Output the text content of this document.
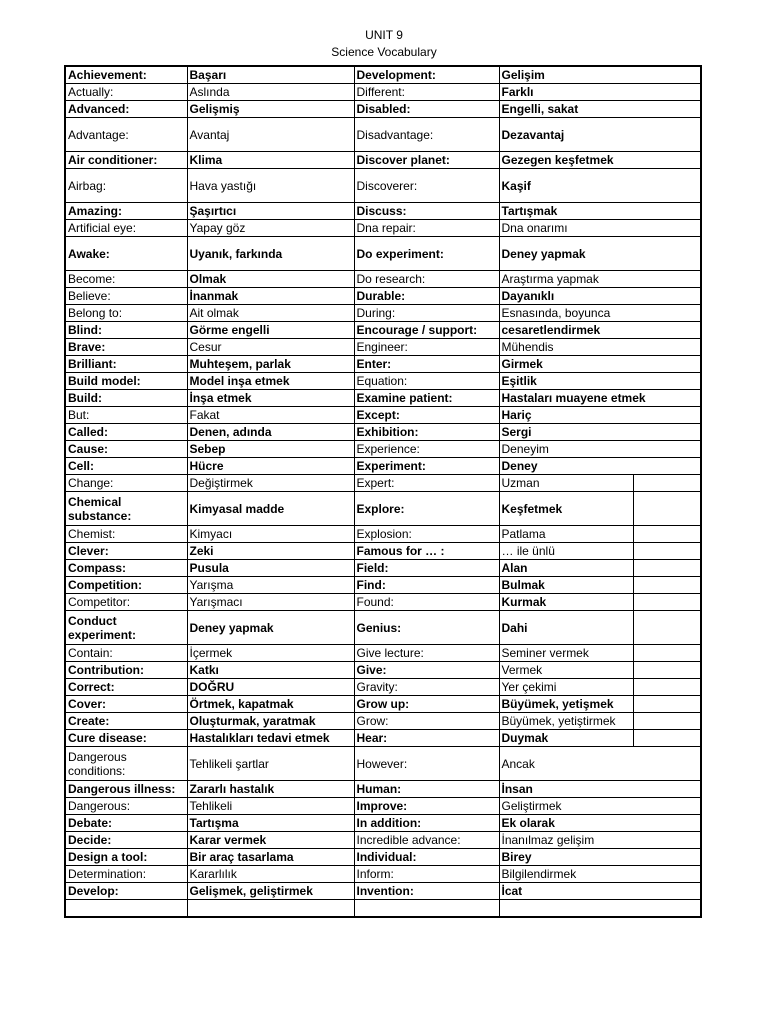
UNIT 9
Science Vocabulary
Achievement:	Başarı	Development:	Gelişim	
Actually:	Aslında	Different:	Farklı	
Advanced:	Gelişmiş	Disabled:	Engelli, sakat	
Advantage:	Avantaj	Disadvantage:	Dezavantaj	
Air conditioner:	Klima	Discover planet:	Gezegen keşfetmek	
Airbag:	Hava yastığı	Discoverer:	Kaşif	
Amazing:	Şaşırtıcı	Discuss:	Tartışmak	
Artificial eye:	Yapay göz	Dna repair:	Dna onarımı	
Awake:	Uyanık, farkında	Do experiment:	Deney yapmak	
Become:	Olmak	Do research:	Araştırma yapmak	
Believe:	İnanmak	Durable:	Dayanıklı	
Belong to:	Ait olmak	During:	Esnasında, boyunca	
Blind:	Görme engelli	Encourage / support:	cesaretlendirmek	
Brave:	Cesur	Engineer:	Mühendis	
Brilliant:	Muhteşem, parlak	Enter:	Girmek	
Build model:	Model inşa etmek	Equation:	Eşitlik	
Build:	İnşa etmek	Examine patient:	Hastaları muayene etmek	
But:	Fakat	Except:	Hariç	
Called:	Denen, adında	Exhibition:	Sergi	
Cause:	Sebep	Experience:	Deneyim	
Cell:	Hücre	Experiment:	Deney	
Change:	Değiştirmek	Expert:	Uzman	
Chemical substance:	Kimyasal madde	Explore:	Keşfetmek	
Chemist:	Kimyacı	Explosion:	Patlama	
Clever:	Zeki	Famous for … :	… ile ünlü	
Compass:	Pusula	Field:	Alan	
Competition:	Yarışma	Find:	Bulmak	
Competitor:	Yarışmacı	Found:	Kurmak	
Conduct experiment:	Deney yapmak	Genius:	Dahi	
Contain:	İçermek	Give lecture:	Seminer vermek	
Contribution:	Katkı	Give:	Vermek	
Correct:	DOĞRU	Gravity:	Yer çekimi	
Cover:	Örtmek, kapatmak	Grow up:	Büyümek, yetişmek	
Create:	Oluşturmak, yaratmak	Grow:	Büyümek, yetiştirmek	
Cure disease:	Hastalıkları tedavi etmek	Hear:	Duymak	
Dangerous conditions:	Tehlikeli şartlar	However:	Ancak	
Dangerous illness:	Zararlı hastalık	Human:	İnsan	
Dangerous:	Tehlikeli	Improve:	Geliştirmek	
Debate:	Tartışma	In addition:	Ek olarak	
Decide:	Karar vermek	Incredible advance:	İnanılmaz gelişim	
Design a tool:	Bir araç tasarlama	Individual:	Birey	
Determination:	Kararlılık	Inform:	Bilgilendirmek	
Develop:	Gelişmek, geliştirmek	Invention:	İcat	
